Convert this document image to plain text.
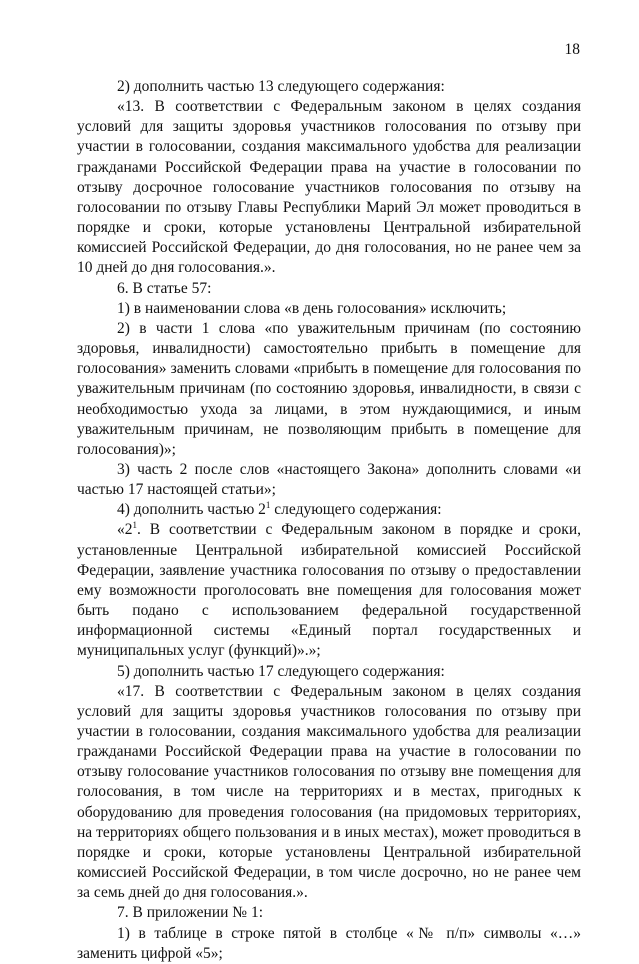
18

2) дополнить частью 13 следующего содержания:

«13. В соответствии с Федеральным законом в целях создания условий для защиты здоровья участников голосования по отзыву при участии в голосовании, создания максимального удобства для реализации гражданами Российской Федерации права на участие в голосовании по отзыву досрочное голосование участников голосования по отзыву на голосовании по отзыву Главы Республики Марий Эл может проводиться в порядке и сроки, которые установлены Центральной избирательной комиссией Российской Федерации, до дня голосования, но не ранее чем за 10 дней до дня голосования.».

6. В статье 57:

1) в наименовании слова «в день голосования» исключить;

2) в части 1 слова «по уважительным причинам (по состоянию здоровья, инвалидности) самостоятельно прибыть в помещение для голосования» заменить словами «прибыть в помещение для голосования по уважительным причинам (по состоянию здоровья, инвалидности, в связи с необходимостью ухода за лицами, в этом нуждающимися, и иным уважительным причинам, не позволяющим прибыть в помещение для голосования)»;

3) часть 2 после слов «настоящего Закона» дополнить словами «и частью 17 настоящей статьи»;

4) дополнить частью $2^1$ следующего содержания:

«$2^1$. В соответствии с Федеральным законом в порядке и сроки, установленные Центральной избирательной комиссией Российской Федерации, заявление участника голосования по отзыву о предоставлении ему возможности проголосовать вне помещения для голосования может быть подано с использованием федеральной государственной информационной системы «Единый портал государственных и муниципальных услуг (функций)».»;

5) дополнить частью 17 следующего содержания:

«17. В соответствии с Федеральным законом в целях создания условий для защиты здоровья участников голосования по отзыву при участии в голосовании, создания максимального удобства для реализации гражданами Российской Федерации права на участие в голосовании по отзыву голосование участников голосования по отзыву вне помещения для голосования, в том числе на территориях и в местах, пригодных к оборудованию для проведения голосования (на придомовых территориях, на территориях общего пользования и в иных местах), может проводиться в порядке и сроки, которые установлены Центральной избирательной комиссией Российской Федерации, в том числе досрочно, но не ранее чем за семь дней до дня голосования.».

7. В приложении № 1:

1) в таблице в строке пятой в столбце «№ п/п» символы «…» заменить цифрой «5»;
